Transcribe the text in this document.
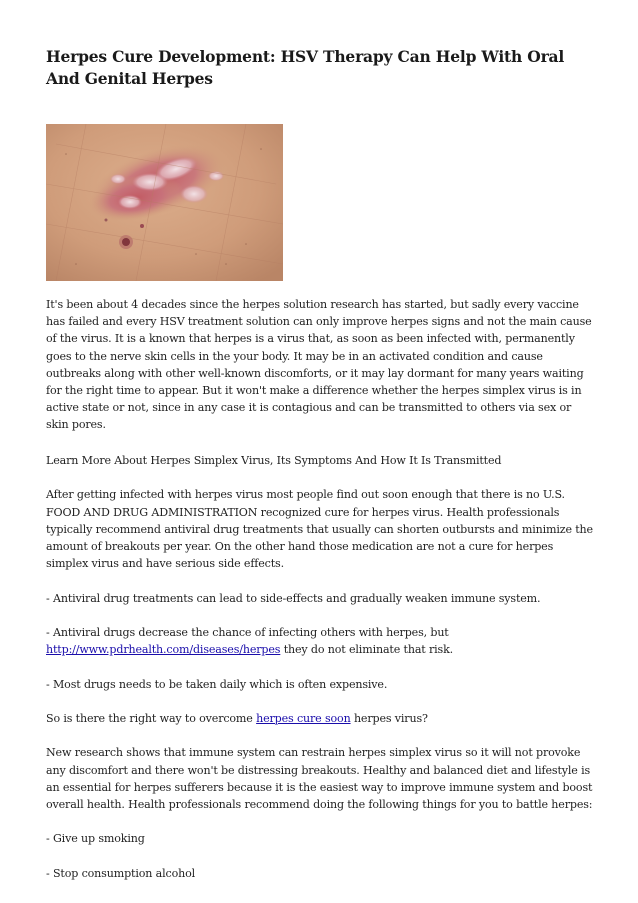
Herpes Cure Development: HSV Therapy Can Help With Oral And Genital Herpes

It's been about 4 decades since the herpes solution research has started, but sadly every vaccine has failed and every HSV treatment solution can only improve herpes signs and not the main cause of the virus. It is a known that herpes is a virus that, as soon as been infected with, permanently goes to the nerve skin cells in the your body. It may be in an activated condition and cause outbreaks along with other well-known discomforts, or it may lay dormant for many years waiting for the right time to appear. But it won't make a difference whether the herpes simplex virus is in active state or not, since in any case it is contagious and can be transmitted to others via sex or skin pores.

Learn More About Herpes Simplex Virus, Its Symptoms And How It Is Transmitted

After getting infected with herpes virus most people find out soon enough that there is no U.S. FOOD AND DRUG ADMINISTRATION recognized cure for herpes virus. Health professionals typically recommend antiviral drug treatments that usually can shorten outbursts and minimize the amount of breakouts per year. On the other hand those medication are not a cure for herpes simplex virus and have serious side effects.

- Antiviral drug treatments can lead to side-effects and gradually weaken immune system.

- Antiviral drugs decrease the chance of infecting others with herpes, but
http://www.pdrhealth.com/diseases/herpes they do not eliminate that risk.

- Most drugs needs to be taken daily which is often expensive.

So is there the right way to overcome herpes cure soon herpes virus?

New research shows that immune system can restrain herpes simplex virus so it will not provoke any discomfort and there won't be distressing breakouts. Healthy and balanced diet and lifestyle is an essential for herpes sufferers because it is the easiest way to improve immune system and boost overall health. Health professionals recommend doing the following things for you to battle herpes:

- Give up smoking

- Stop consumption alcohol
